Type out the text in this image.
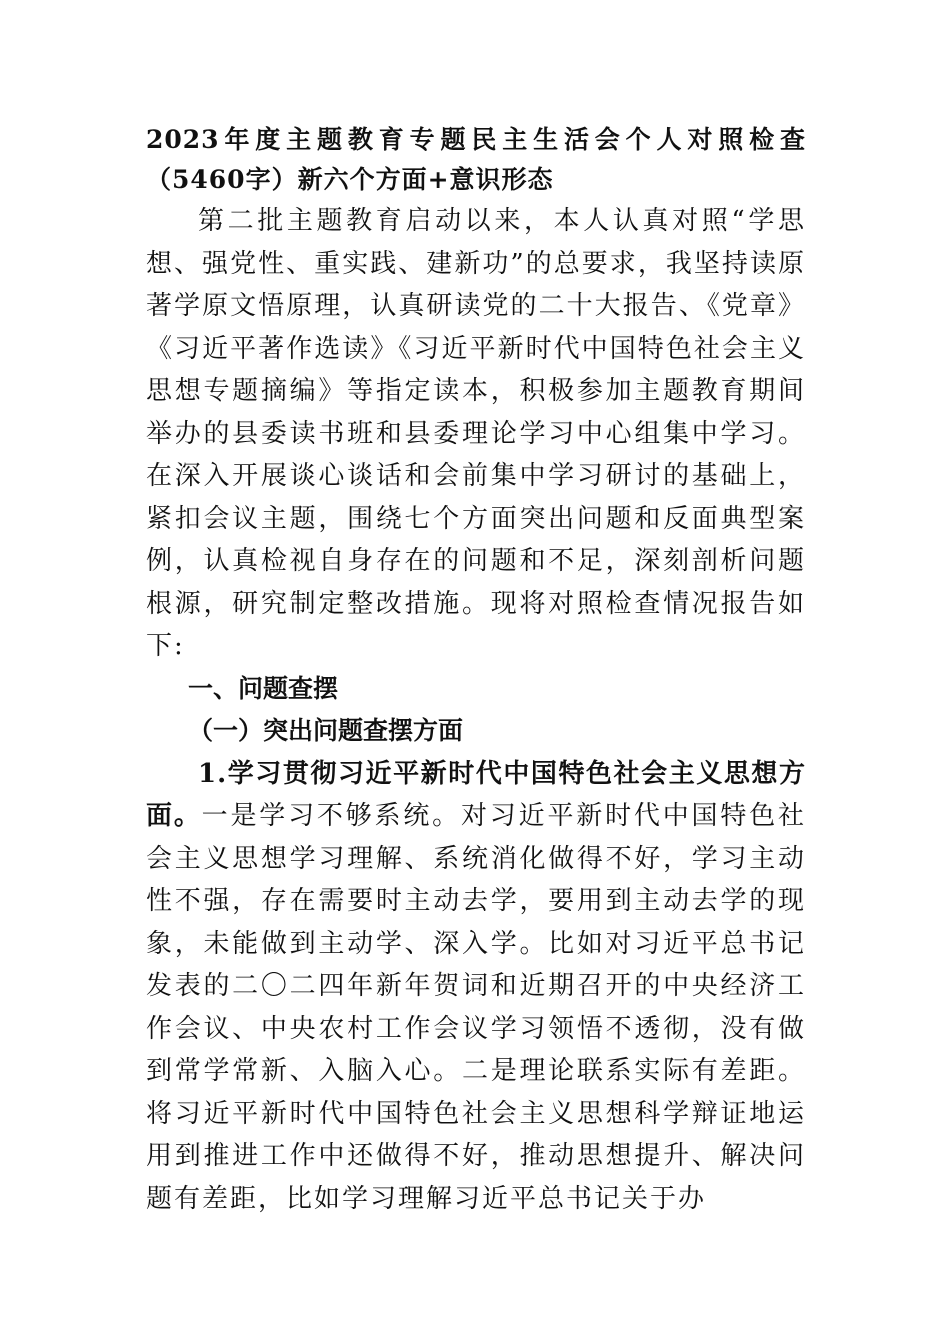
2023年度主题教育专题民主生活会个人对照检查（5460字）新六个方面+意识形态

第二批主题教育启动以来，本人认真对照“学思想、强党性、重实践、建新功”的总要求，我坚持读原著学原文悟原理，认真研读党的二十大报告、《党章》《习近平著作选读》《习近平新时代中国特色社会主义思想专题摘编》等指定读本，积极参加主题教育期间举办的县委读书班和县委理论学习中心组集中学习。在深入开展谈心谈话和会前集中学习研讨的基础上，紧扣会议主题，围绕七个方面突出问题和反面典型案例，认真检视自身存在的问题和不足，深刻剖析问题根源，研究制定整改措施。现将对照检查情况报告如下:

一、问题查摆

（一）突出问题查摆方面

1.学习贯彻习近平新时代中国特色社会主义思想方面。一是学习不够系统。对习近平新时代中国特色社会主义思想学习理解、系统消化做得不好，学习主动性不强，存在需要时主动去学，要用到主动去学的现象，未能做到主动学、深入学。比如对习近平总书记发表的二〇二四年新年贺词和近期召开的中央经济工作会议、中央农村工作会议学习领悟不透彻，没有做到常学常新、入脑入心。二是理论联系实际有差距。将习近平新时代中国特色社会主义思想科学辩证地运用到推进工作中还做得不好，推动思想提升、解决问题有差距，比如学习理解习近平总书记关于办
